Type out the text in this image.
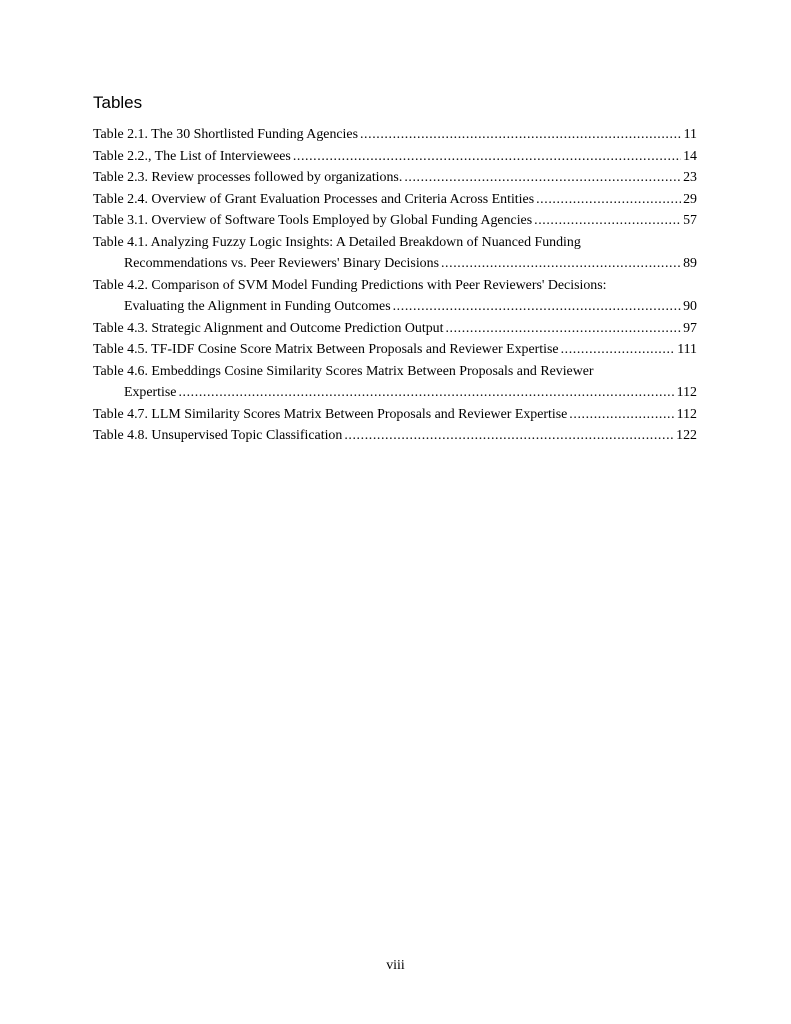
Tables
Table 2.1. The 30 Shortlisted Funding Agencies .....	11
Table 2.2., The List of Interviewees .....	14
Table 2.3. Review processes followed by organizations. .....	23
Table 2.4. Overview of Grant Evaluation Processes and Criteria Across Entities .....	29
Table 3.1. Overview of Software Tools Employed by Global Funding Agencies .....	57
Table 4.1. Analyzing Fuzzy Logic Insights: A Detailed Breakdown of Nuanced Funding
Recommendations vs. Peer Reviewers' Binary Decisions .....	89
Table 4.2. Comparison of SVM Model Funding Predictions with Peer Reviewers' Decisions:
Evaluating the Alignment in Funding Outcomes .....	90
Table 4.3. Strategic Alignment and Outcome Prediction Output .....	97
Table 4.5. TF-IDF Cosine Score Matrix Between Proposals and Reviewer Expertise .....	111
Table 4.6. Embeddings Cosine Similarity Scores Matrix Between Proposals and Reviewer
Expertise .....	112
Table 4.7. LLM Similarity Scores Matrix Between Proposals and Reviewer Expertise .....	112
Table 4.8. Unsupervised Topic Classification .....	122
viii
